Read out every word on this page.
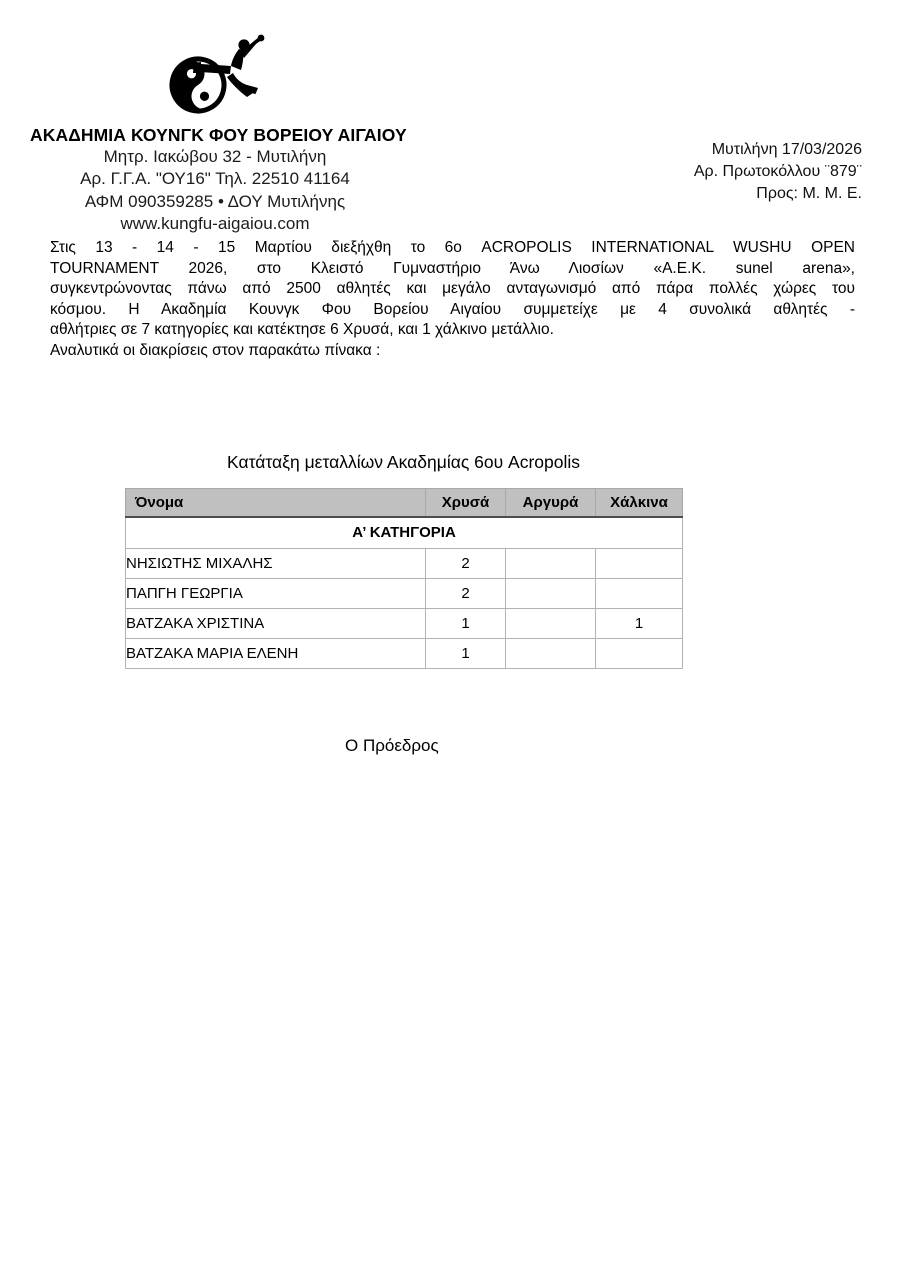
ΑΚΑΔΗΜΙΑ ΚΟΥΝΓΚ ΦΟΥ ΒΟΡΕΙΟΥ ΑΙΓΑΙΟΥ
Μητρ. Ιακώβου 32 - Μυτιλήνη
Αρ. Γ.Γ.Α. "ΟΥ16" Τηλ. 22510 41164
ΑΦΜ 090359285 • ΔΟΥ Μυτιλήνης
www.kungfu-aigaiou.com
Μυτιλήνη 17/03/2026
Αρ. Πρωτοκόλλου ¨879¨
Προς: Μ. Μ. Ε.
Στις 13 - 14 - 15 Μαρτίου διεξήχθη το 6ο ACROPOLIS INTERNATIONAL WUSHU OPEN
TOURNAMENT 2026, στο Κλειστό Γυμναστήριο Άνω Λιοσίων «Α.Ε.Κ. sunel arena»,
συγκεντρώνοντας πάνω από 2500 αθλητές και μεγάλο ανταγωνισμό από πάρα πολλές χώρες του
κόσμου. Η Ακαδημία Κουνγκ Φου Βορείου Αιγαίου συμμετείχε με 4 συνολικά αθλητές -
αθλήτριες σε 7 κατηγορίες και κατέκτησε 6 Χρυσά, και 1 χάλκινο μετάλλιο.
Αναλυτικά οι διακρίσεις στον παρακάτω πίνακα :
Κατάταξη μεταλλίων Ακαδημίας 6ου Acropolis
Όνομα	Χρυσά	Αργυρά	Χάλκινα
Α’ ΚΑΤΗΓΟΡΙΑ			
ΝΗΣΙΩΤΗΣ ΜΙΧΑΛΗΣ	2		
ΠΑΠΓΗ ΓΕΩΡΓΙΑ	2		
ΒΑΤΖΑΚΑ ΧΡΙΣΤΙΝΑ	1		1
ΒΑΤΖΑΚΑ ΜΑΡΙΑ ΕΛΕΝΗ	1		
Ο Πρόεδρος
